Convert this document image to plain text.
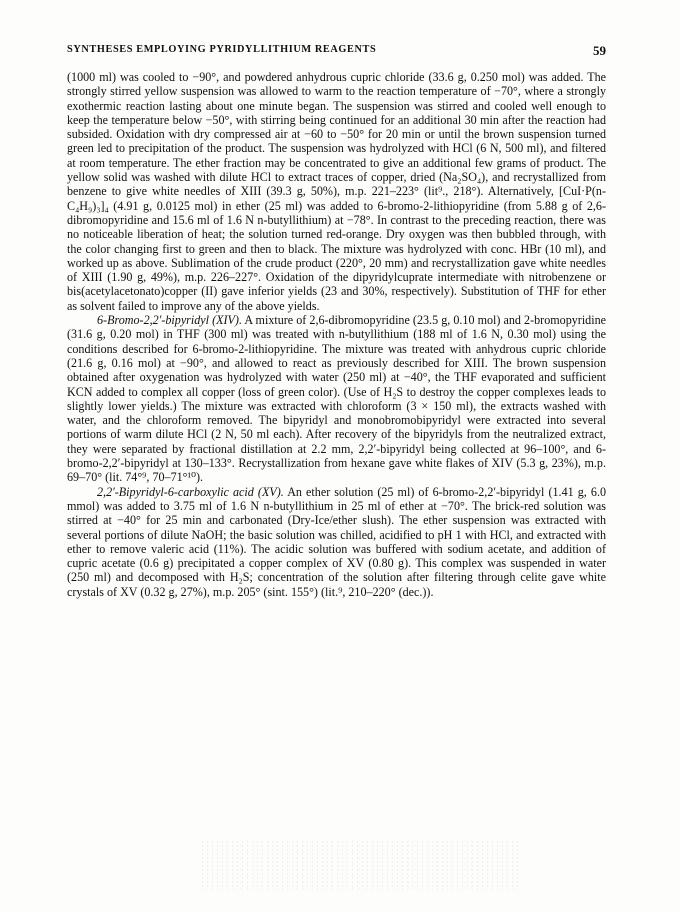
SYNTHESES EMPLOYING PYRIDYLLITHIUM REAGENTS	59

(1000 ml) was cooled to −90°, and powdered anhydrous cupric chloride (33.6 g, 0.250 mol) was added. The strongly stirred yellow suspension was allowed to warm to the reaction temperature of −70°, where a strongly exothermic reaction lasting about one minute began. The suspension was stirred and cooled well enough to keep the temperature below −50°, with stirring being continued for an additional 30 min after the reaction had subsided. Oxidation with dry compressed air at −60 to −50° for 20 min or until the brown suspension turned green led to precipitation of the product. The suspension was hydrolyzed with HCl (6 N, 500 ml), and filtered at room temperature. The ether fraction may be concentrated to give an additional few grams of product. The yellow solid was washed with dilute HCl to extract traces of copper, dried (Na₂SO₄), and recrystallized from benzene to give white needles of XIII (39.3 g, 50%), m.p. 221–223° (lit⁹., 218°). Alternatively, [CuI·P(n-C₄H₉)₃]₄ (4.91 g, 0.0125 mol) in ether (25 ml) was added to 6-bromo-2-lithiopyridine (from 5.88 g of 2,6-dibromopyridine and 15.6 ml of 1.6 N n-butyllithium) at −78°. In contrast to the preceding reaction, there was no noticeable liberation of heat; the solution turned red-orange. Dry oxygen was then bubbled through, with the color changing first to green and then to black. The mixture was hydrolyzed with conc. HBr (10 ml), and worked up as above. Sublimation of the crude product (220°, 20 mm) and recrystallization gave white needles of XIII (1.90 g, 49%), m.p. 226–227°. Oxidation of the dipyridylcuprate intermediate with nitrobenzene or bis(acetylacetonato)copper (II) gave inferior yields (23 and 30%, respectively). Substitution of THF for ether as solvent failed to improve any of the above yields.

6-Bromo-2,2′-bipyridyl (XIV). A mixture of 2,6-dibromopyridine (23.5 g, 0.10 mol) and 2-bromopyridine (31.6 g, 0.20 mol) in THF (300 ml) was treated with n-butyllithium (188 ml of 1.6 N, 0.30 mol) using the conditions described for 6-bromo-2-lithiopyridine. The mixture was treated with anhydrous cupric chloride (21.6 g, 0.16 mol) at −90°, and allowed to react as previously described for XIII. The brown suspension obtained after oxygenation was hydrolyzed with water (250 ml) at −40°, the THF evaporated and sufficient KCN added to complex all copper (loss of green color). (Use of H₂S to destroy the copper complexes leads to slightly lower yields.) The mixture was extracted with chloroform (3 × 150 ml), the extracts washed with water, and the chloroform removed. The bipyridyl and monobromobipyridyl were extracted into several portions of warm dilute HCl (2 N, 50 ml each). After recovery of the bipyridyls from the neutralized extract, they were separated by fractional distillation at 2.2 mm, 2,2′-bipyridyl being collected at 96–100°, and 6-bromo-2,2′-bipyridyl at 130–133°. Recrystallization from hexane gave white flakes of XIV (5.3 g, 23%), m.p. 69–70° (lit. 74°⁹, 70–71°¹⁰).

2,2′-Bipyridyl-6-carboxylic acid (XV). An ether solution (25 ml) of 6-bromo-2,2′-bipyridyl (1.41 g, 6.0 mmol) was added to 3.75 ml of 1.6 N n-butyllithium in 25 ml of ether at −70°. The brick-red solution was stirred at −40° for 25 min and carbonated (Dry-Ice/ether slush). The ether suspension was extracted with several portions of dilute NaOH; the basic solution was chilled, acidified to pH 1 with HCl, and extracted with ether to remove valeric acid (11%). The acidic solution was buffered with sodium acetate, and addition of cupric acetate (0.6 g) precipitated a copper complex of XV (0.80 g). This complex was suspended in water (250 ml) and decomposed with H₂S; concentration of the solution after filtering through celite gave white crystals of XV (0.32 g, 27%), m.p. 205° (sint. 155°) (lit.⁹, 210–220° (dec.)).
